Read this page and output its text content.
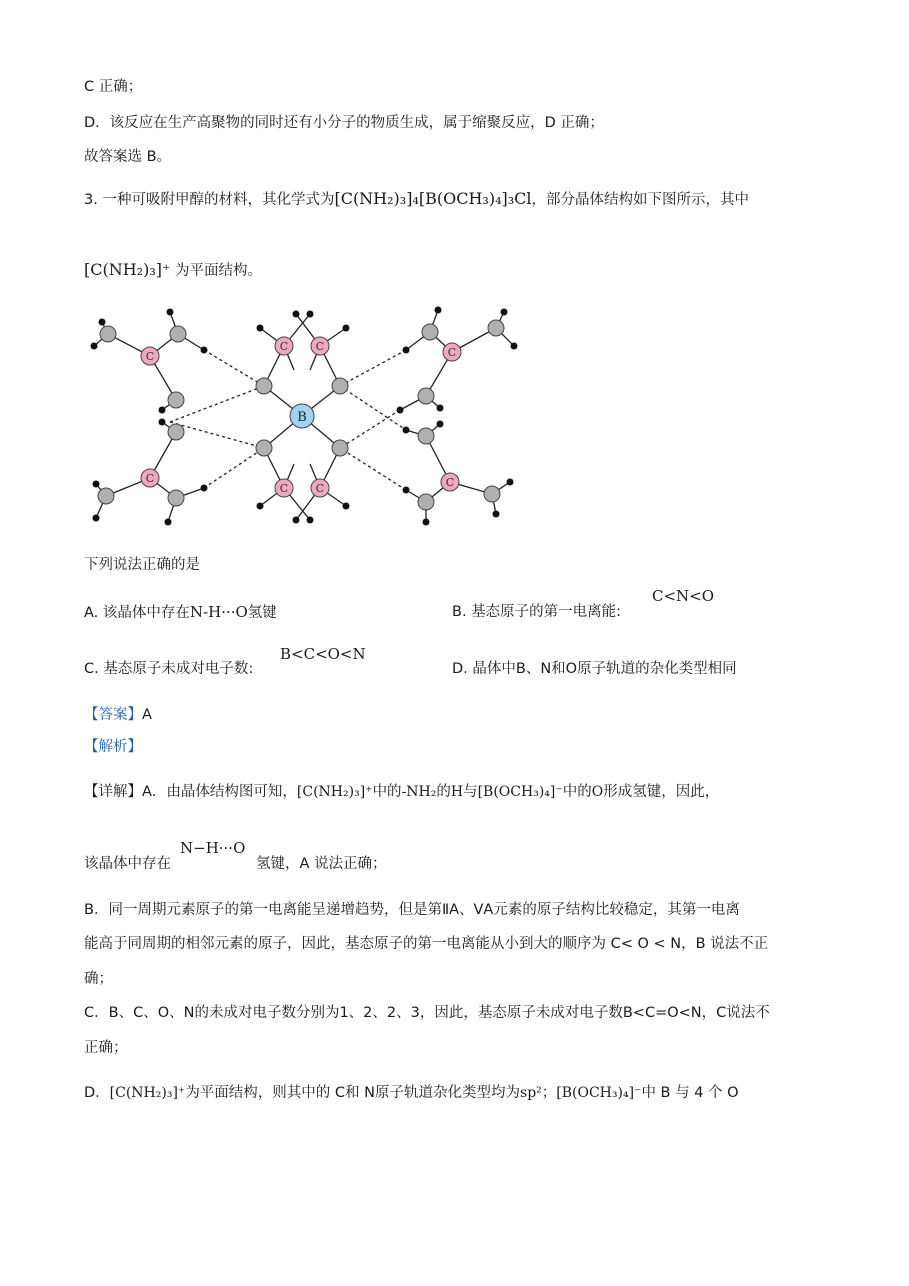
C 正确；
D．该反应在生产高聚物的同时还有小分子的物质生成，属于缩聚反应，D 正确；
故答案选 B。
3. 一种可吸附甲醇的材料，其化学式为[C(NH₂)₃]₄[B(OCH₃)₄]₃Cl，部分晶体结构如下图所示，其中
[C(NH₂)₃]⁺ 为平面结构。
C
C
C	C
C	C
C
C
B
下列说法正确的是
A. 该晶体中存在N-H···O氢键	B. 基态原子的第一电离能:
C<N<O
C. 基态原子未成对电子数:
B<C<O<N
D. 晶体中B、N和O原子轨道的杂化类型相同
【答案】A
【解析】
【详解】A．由晶体结构图可知，[C(NH₂)₃]⁺中的-NH₂的H与[B(OCH₃)₄]⁻中的O形成氢键，因此，
该晶体中存在
N−H···O
氢键，A 说法正确；
B．同一周期元素原子的第一电离能呈递增趋势，但是第ⅡA、ⅤA元素的原子结构比较稳定，其第一电离
能高于同周期的相邻元素的原子，因此，基态原子的第一电离能从小到大的顺序为 C< O < N，B 说法不正
确；
C．B、C、O、N的未成对电子数分别为1、2、2、3，因此，基态原子未成对电子数B<C=O<N，C说法不
正确；
D．[C(NH₂)₃]⁺为平面结构，则其中的 C和 N原子轨道杂化类型均为sp²；[B(OCH₃)₄]⁻中 B 与 4 个 O
